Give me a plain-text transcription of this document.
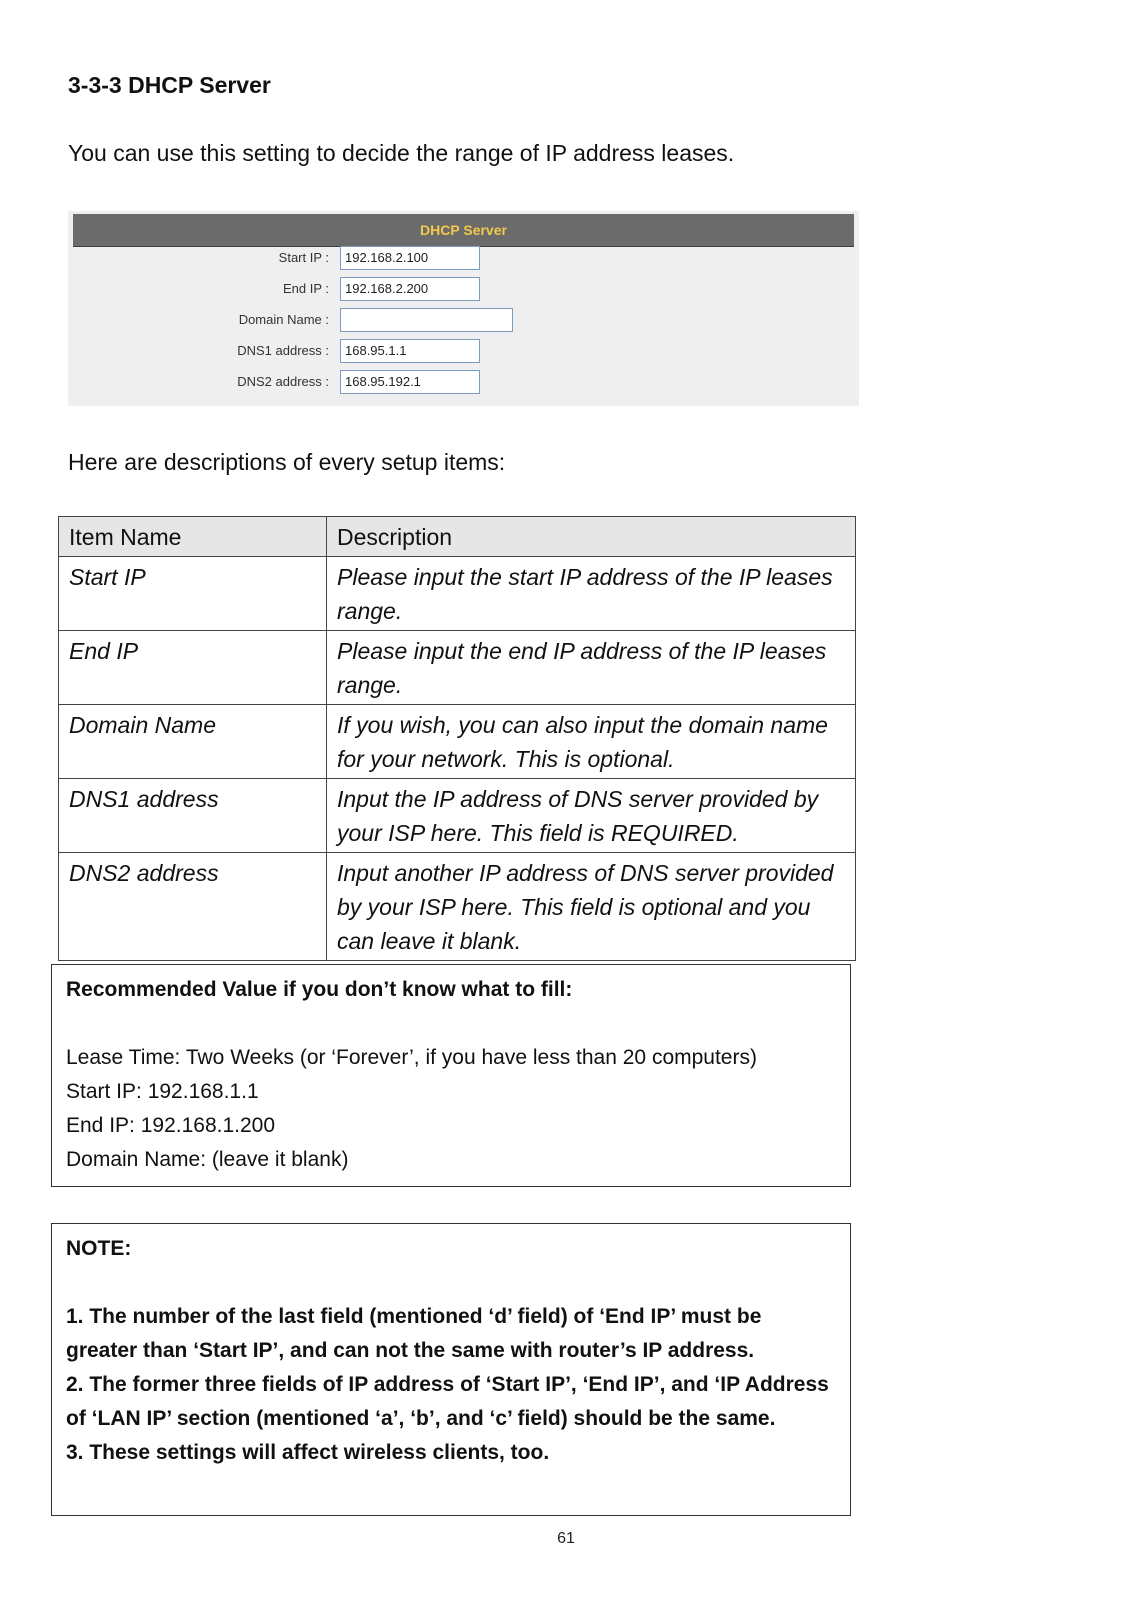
3-3-3 DHCP Server

You can use this setting to decide the range of IP address leases.

DHCP Server
Start IP :	192.168.2.100
End IP :	192.168.2.200
Domain Name :
DNS1 address :	168.95.1.1
DNS2 address :	168.95.192.1

Here are descriptions of every setup items:

Item Name	Description
Start IP	Please input the start IP address of the IP leases range.
End IP	Please input the end IP address of the IP leases range.
Domain Name	If you wish, you can also input the domain name for your network. This is optional.
DNS1 address	Input the IP address of DNS server provided by your ISP here. This field is REQUIRED.
DNS2 address	Input another IP address of DNS server provided by your ISP here. This field is optional and you can leave it blank.

Recommended Value if you don’t know what to fill:

Lease Time: Two Weeks (or ‘Forever’, if you have less than 20 computers)

Start IP: 192.168.1.1

End IP: 192.168.1.200

Domain Name: (leave it blank)

NOTE:

1. The number of the last field (mentioned ‘d’ field) of ‘End IP’ must be greater than ‘Start IP’, and can not the same with router’s IP address.

2. The former three fields of IP address of ‘Start IP’, ‘End IP’, and ‘IP Address of ‘LAN IP’ section (mentioned ‘a’, ‘b’, and ‘c’ field) should be the same.

3. These settings will affect wireless clients, too.

61
